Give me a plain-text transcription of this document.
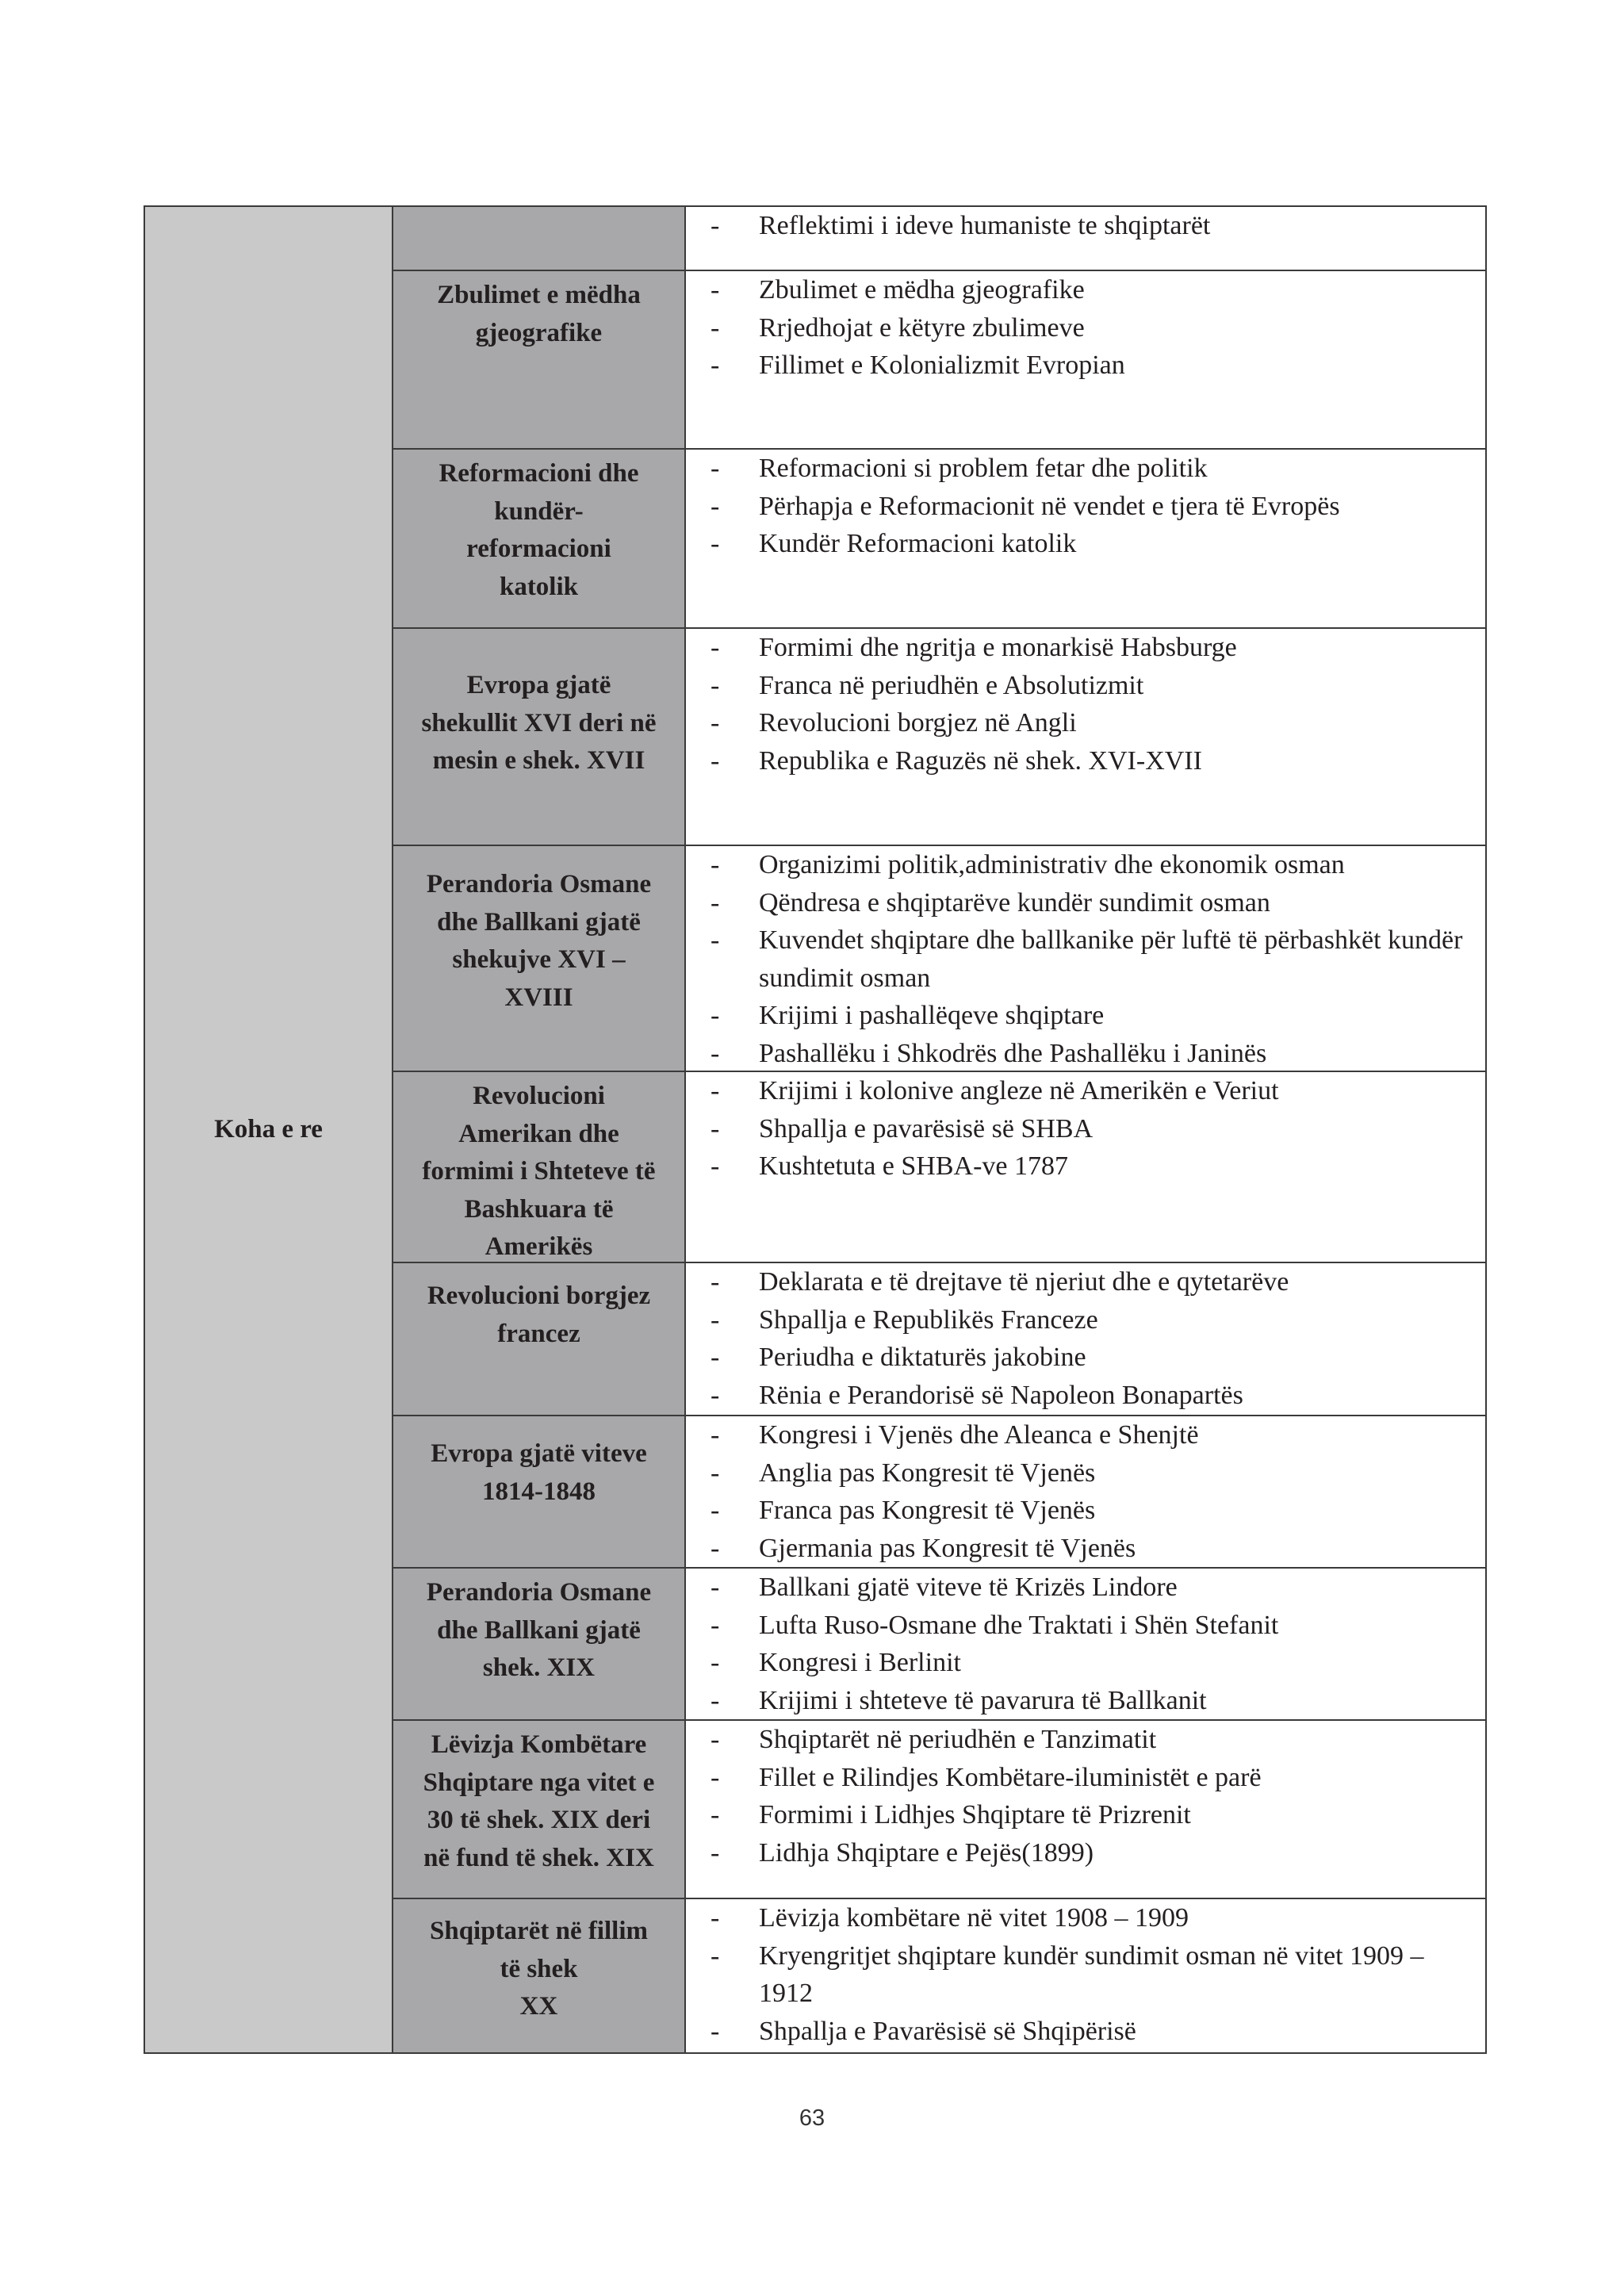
Koha e re
- Reflektimi i ideve humaniste te shqiptarët
Zbulimet e mëdha
gjeografike
- Zbulimet e mëdha gjeografike
- Rrjedhojat e këtyre zbulimeve
- Fillimet e Kolonializmit Evropian
Reformacioni dhe
kundër-
reformacioni
katolik
- Reformacioni si problem fetar dhe politik
- Përhapja e Reformacionit në vendet e tjera të Evropës
- Kundër Reformacioni katolik
Evropa gjatë
shekullit XVI deri në
mesin e shek. XVII
- Formimi dhe ngritja e monarkisë Habsburge
- Franca në periudhën e Absolutizmit
- Revolucioni borgjez në Angli
- Republika e Raguzës në shek. XVI-XVII
Perandoria Osmane
dhe Ballkani gjatë
shekujve XVI –
XVIII
- Organizimi politik,administrativ dhe ekonomik osman
- Qëndresa e shqiptarëve kundër sundimit osman
- Kuvendet shqiptare dhe ballkanike për luftë të përbashkët kundër sundimit osman
- Krijimi i pashallëqeve shqiptare
- Pashallëku i Shkodrës dhe Pashallëku i Janinës
Revolucioni
Amerikan dhe
formimi i Shteteve të
Bashkuara të
Amerikës
- Krijimi i kolonive angleze në Amerikën e Veriut
- Shpallja e pavarësisë së SHBA
- Kushtetuta e SHBA-ve 1787
Revolucioni borgjez
francez
- Deklarata e të drejtave të njeriut dhe e qytetarëve
- Shpallja e Republikës Franceze
- Periudha e diktaturës jakobine
- Rënia e Perandorisë së Napoleon Bonapartës
Evropa gjatë viteve
1814-1848
- Kongresi i Vjenës dhe Aleanca e Shenjtë
- Anglia pas Kongresit të Vjenës
- Franca pas Kongresit të Vjenës
- Gjermania pas Kongresit të Vjenës
Perandoria Osmane
dhe Ballkani gjatë
shek. XIX
- Ballkani gjatë viteve të Krizës Lindore
- Lufta Ruso-Osmane dhe Traktati i Shën Stefanit
- Kongresi i Berlinit
- Krijimi i shteteve të pavarura të Ballkanit
Lëvizja Kombëtare
Shqiptare nga vitet e
30 të shek. XIX deri
në fund të shek. XIX
- Shqiptarët në periudhën e Tanzimatit
- Fillet e Rilindjes Kombëtare-iluministët e parë
- Formimi i Lidhjes Shqiptare të Prizrenit
- Lidhja Shqiptare e Pejës(1899)
Shqiptarët në fillim
të shek
XX
- Lëvizja kombëtare në vitet 1908 – 1909
- Kryengritjet shqiptare kundër sundimit osman në vitet 1909 – 1912
- Shpallja e Pavarësisë së Shqipërisë
63
